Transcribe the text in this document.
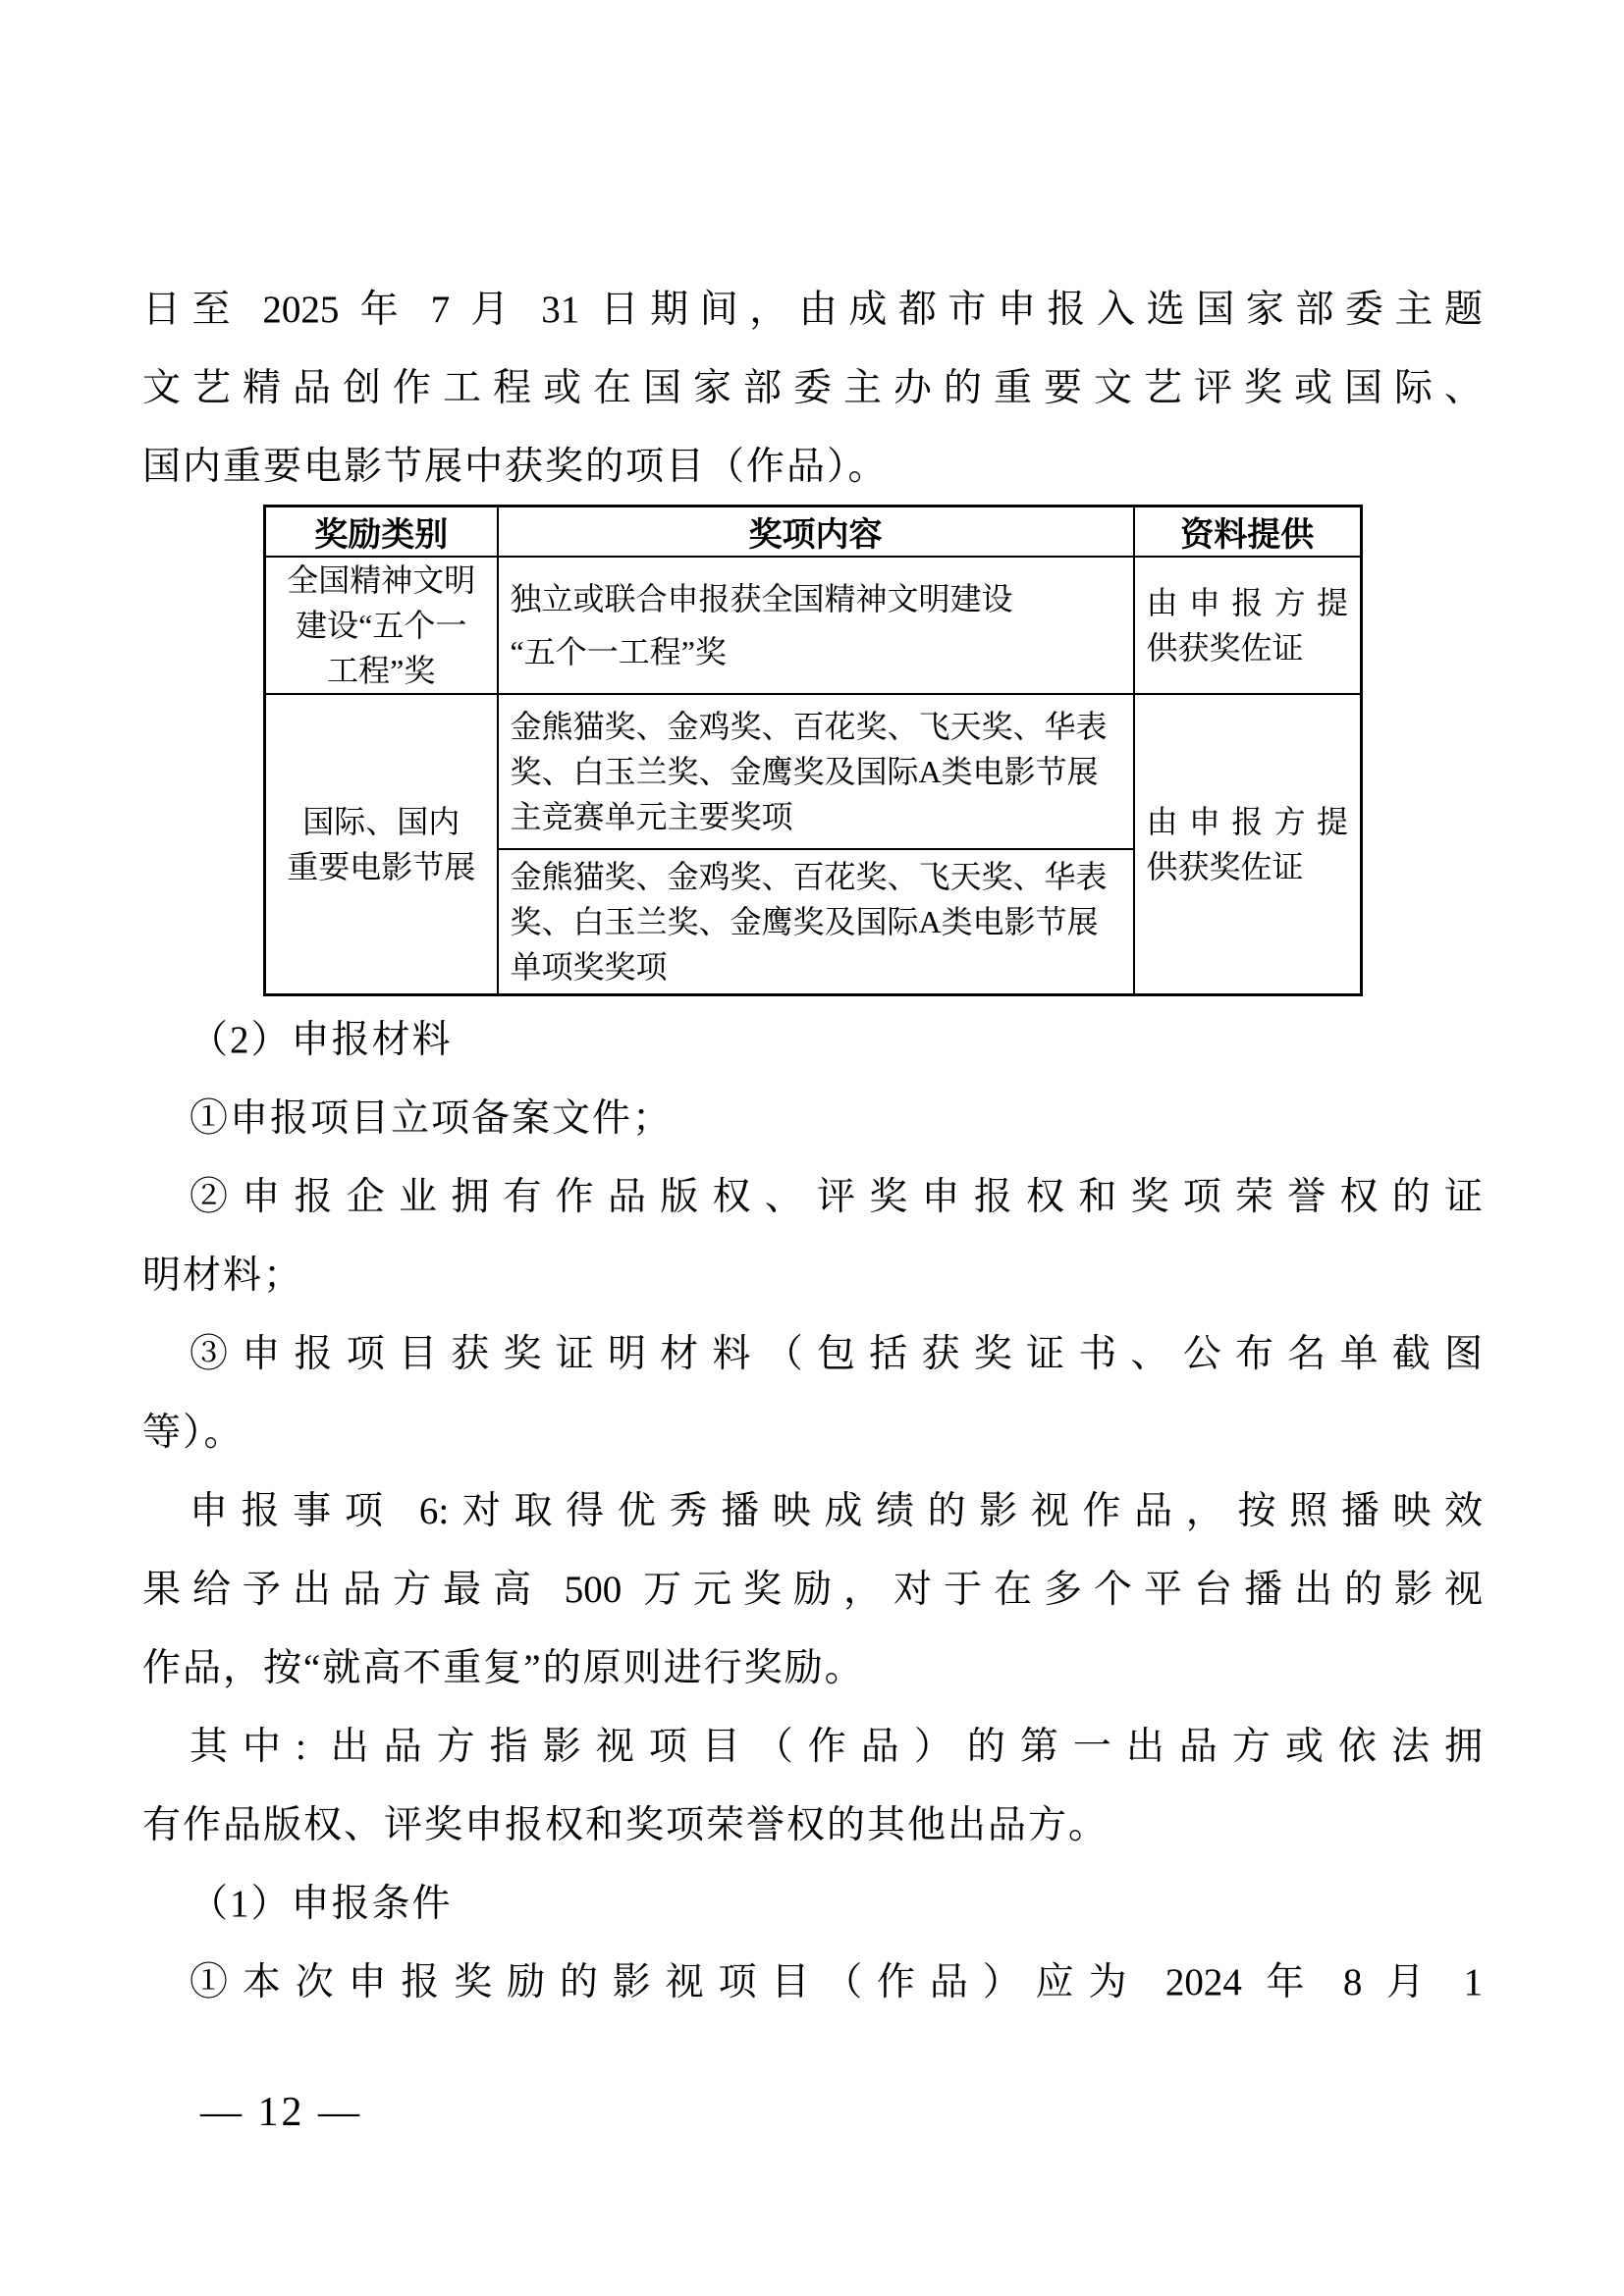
日至 2025 年 7 月 31 日期间，由成都市申报入选国家部委主题
文艺精品创作工程或在国家部委主办的重要文艺评奖或国际、
国内重要电影节展中获奖的项目（作品）。
奖励类别	奖项内容	资料提供

全国精神文明
建设“五个一
工程”奖	独立或联合申报获全国精神文明建设
“五个一工程”奖	由申报方提
供获奖佐证

国际、国内
重要电影节展	金熊猫奖、金鸡奖、百花奖、飞天奖、华表
奖、白玉兰奖、金鹰奖及国际A类电影节展
主竞赛单元主要奖项	由申报方提
供获奖佐证

	金熊猫奖、金鸡奖、百花奖、飞天奖、华表
奖、白玉兰奖、金鹰奖及国际A类电影节展
单项奖奖项	
（2）申报材料
①申报项目立项备案文件；
②申报企业拥有作品版权、评奖申报权和奖项荣誉权的证
明材料；
③申报项目获奖证明材料（包括获奖证书、公布名单截图
等）。
申报事项 6:对取得优秀播映成绩的影视作品，按照播映效
果给予出品方最高 500 万元奖励，对于在多个平台播出的影视
作品，按“就高不重复”的原则进行奖励。
其中: 出品方指影视项目（作品）的第一出品方或依法拥
有作品版权、评奖申报权和奖项荣誉权的其他出品方。
（1）申报条件
①本次申报奖励的影视项目（作品）应为 2024 年 8 月 1
— 12 —
